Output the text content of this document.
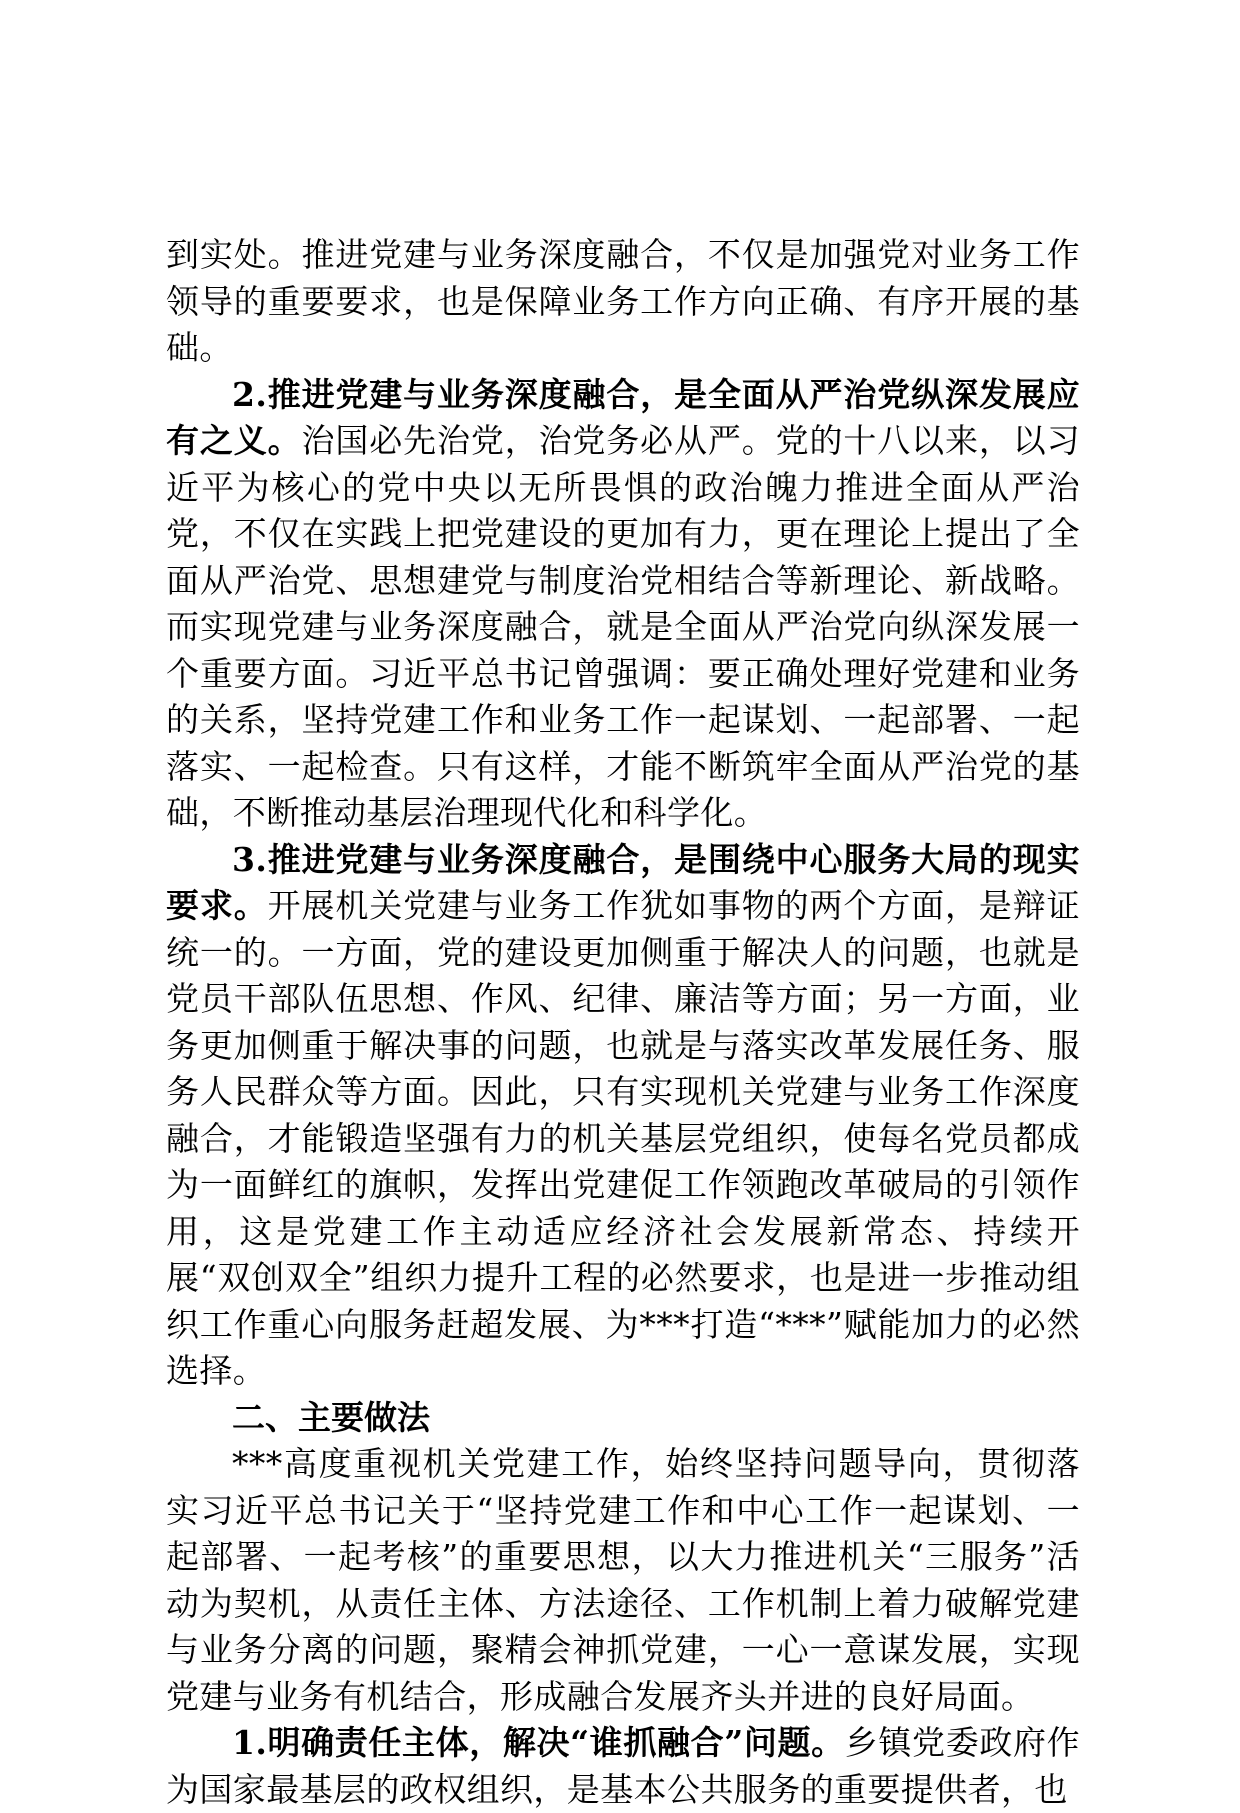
到实处。推进党建与业务深度融合，不仅是加强党对业务工作领导的重要要求，也是保障业务工作方向正确、有序开展的基础。

2.推进党建与业务深度融合，是全面从严治党纵深发展应有之义。治国必先治党，治党务必从严。党的十八以来，以习近平为核心的党中央以无所畏惧的政治魄力推进全面从严治党，不仅在实践上把党建设的更加有力，更在理论上提出了全面从严治党、思想建党与制度治党相结合等新理论、新战略。而实现党建与业务深度融合，就是全面从严治党向纵深发展一个重要方面。习近平总书记曾强调：要正确处理好党建和业务的关系，坚持党建工作和业务工作一起谋划、一起部署、一起落实、一起检查。只有这样，才能不断筑牢全面从严治党的基础，不断推动基层治理现代化和科学化。

3.推进党建与业务深度融合，是围绕中心服务大局的现实要求。开展机关党建与业务工作犹如事物的两个方面，是辩证统一的。一方面，党的建设更加侧重于解决人的问题，也就是党员干部队伍思想、作风、纪律、廉洁等方面；另一方面，业务更加侧重于解决事的问题，也就是与落实改革发展任务、服务人民群众等方面。因此，只有实现机关党建与业务工作深度融合，才能锻造坚强有力的机关基层党组织，使每名党员都成为一面鲜红的旗帜，发挥出党建促工作领跑改革破局的引领作用，这是党建工作主动适应经济社会发展新常态、持续开展“双创双全”组织力提升工程的必然要求，也是进一步推动组织工作重心向服务赶超发展、为***打造“***”赋能加力的必然选择。

二、主要做法

***高度重视机关党建工作，始终坚持问题导向，贯彻落实习近平总书记关于“坚持党建工作和中心工作一起谋划、一起部署、一起考核”的重要思想，以大力推进机关“三服务”活动为契机，从责任主体、方法途径、工作机制上着力破解党建与业务分离的问题，聚精会神抓党建，一心一意谋发展，实现党建与业务有机结合，形成融合发展齐头并进的良好局面。

1.明确责任主体，解决“谁抓融合”问题。乡镇党委政府作为国家最基层的政权组织，是基本公共服务的重要提供者，也
